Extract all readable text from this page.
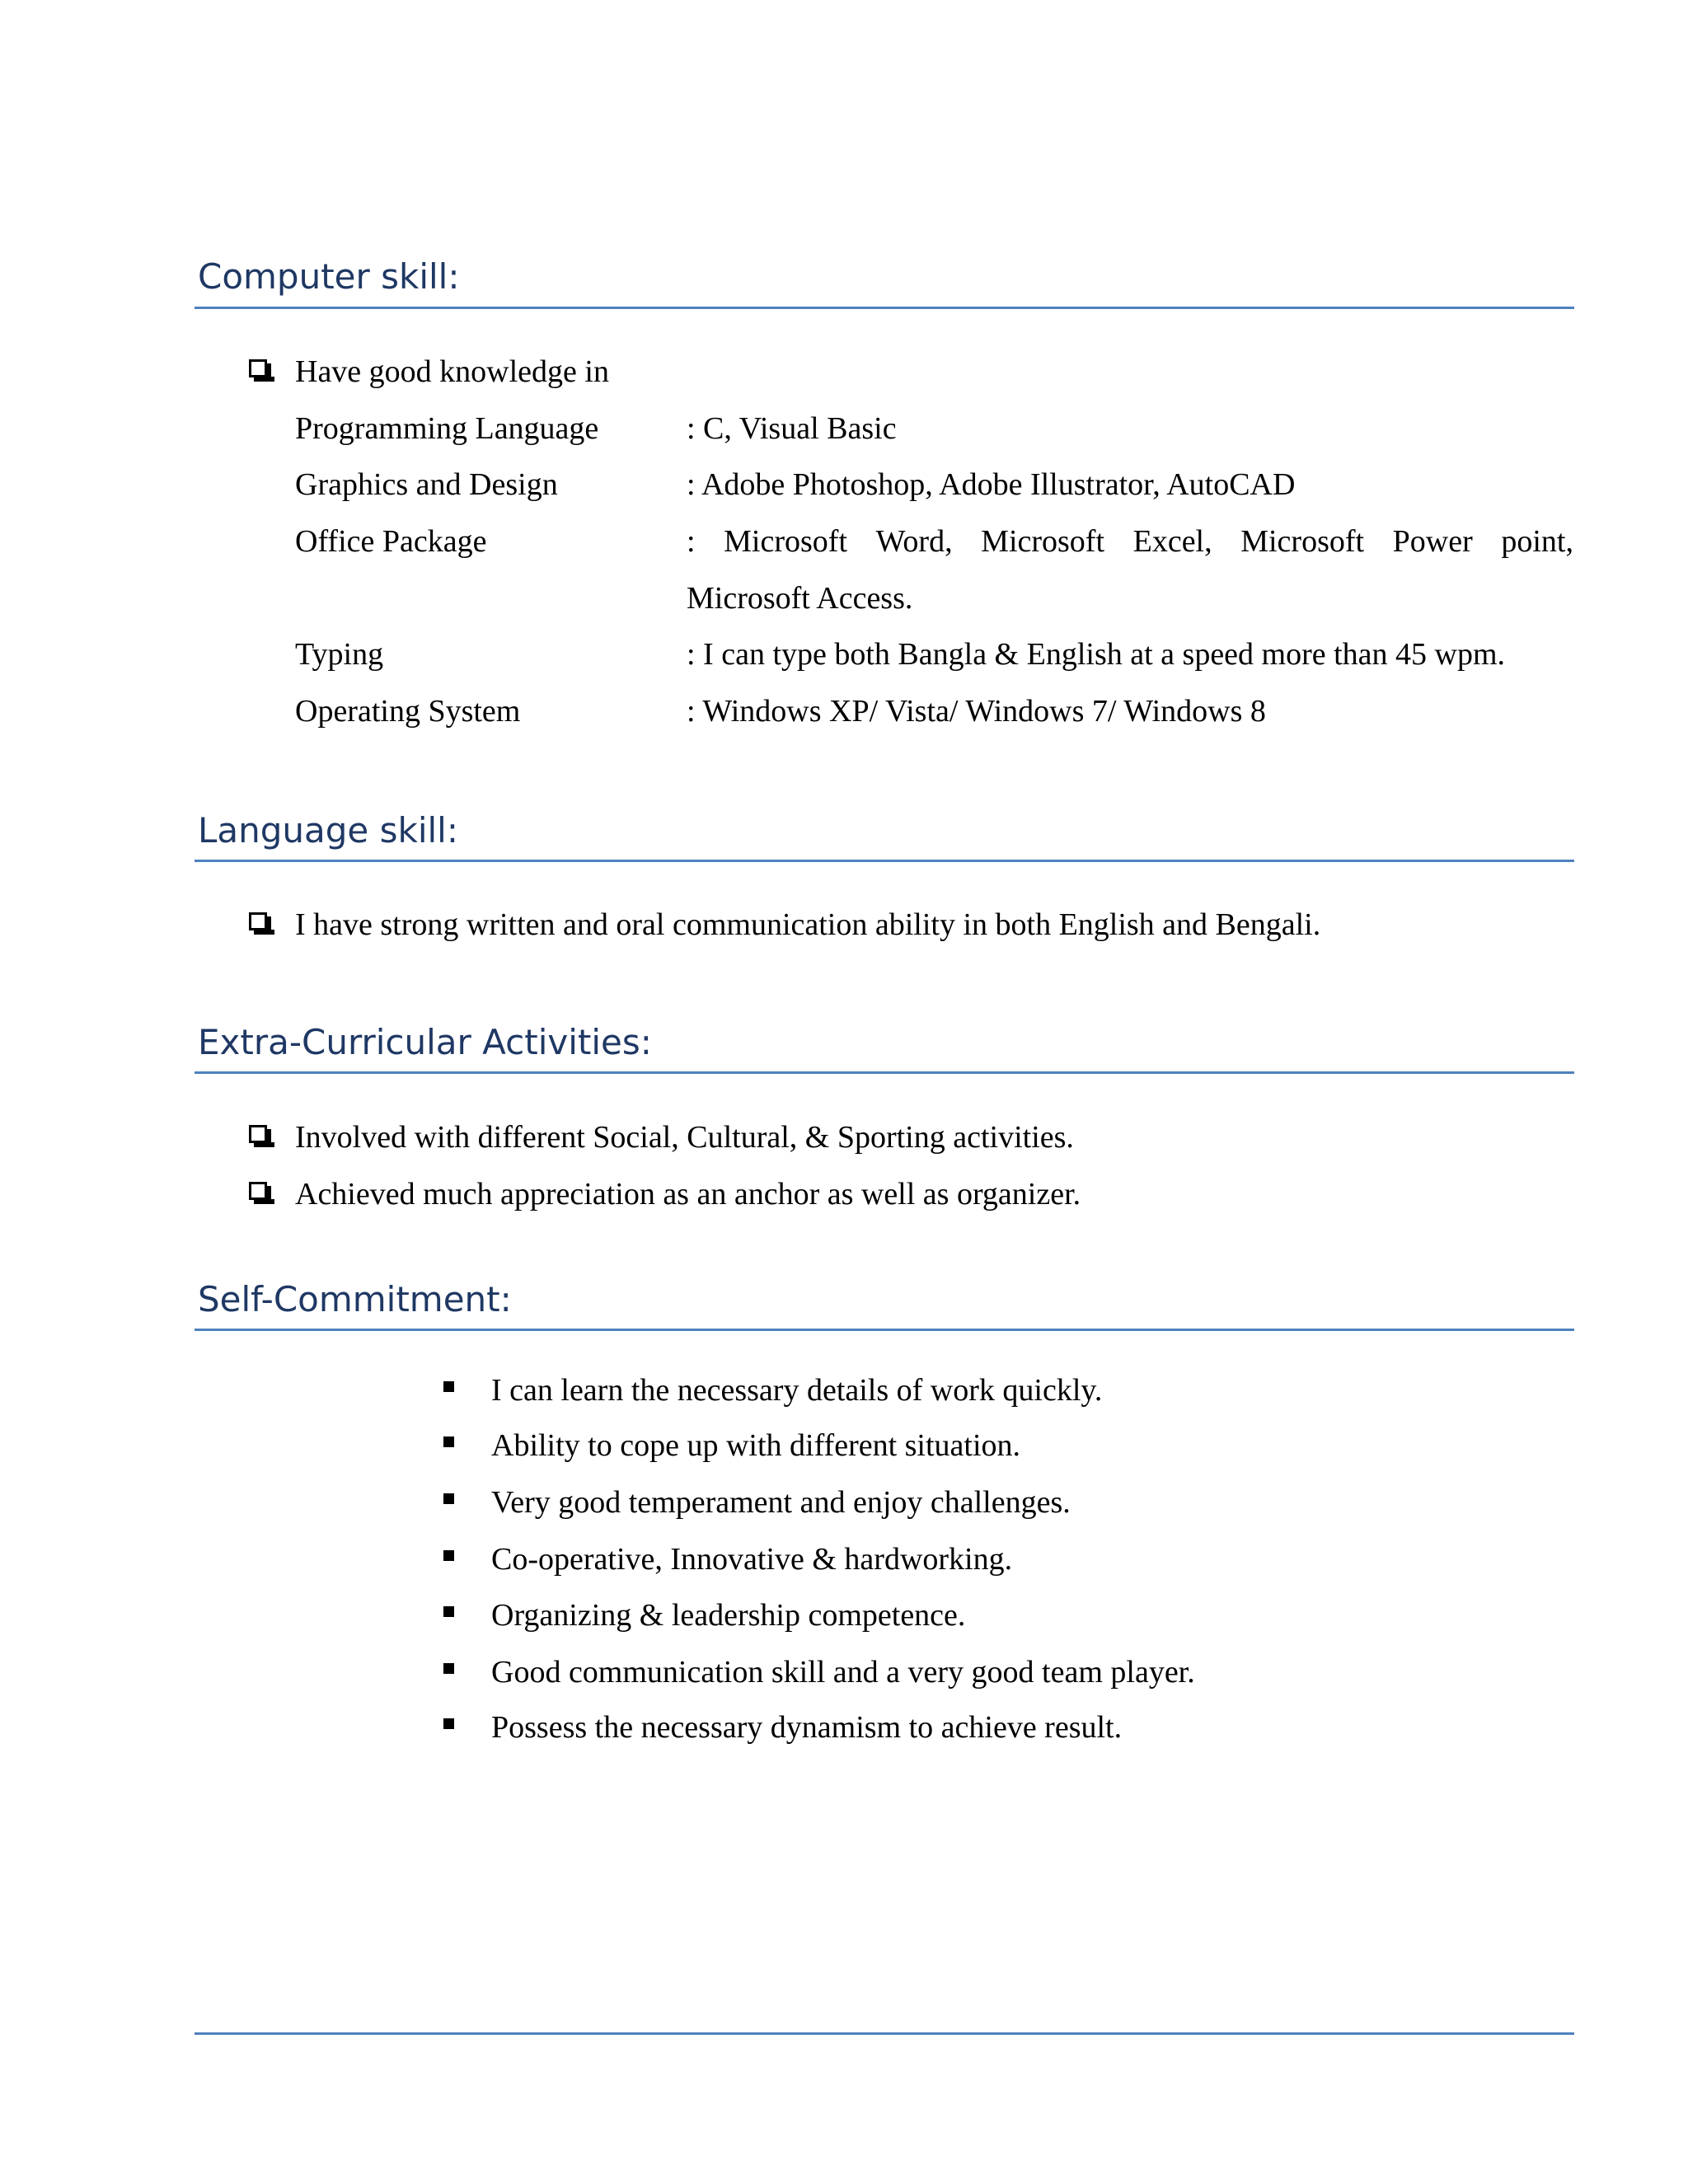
Computer skill:
Have good knowledge in
Programming Language	: C, Visual Basic
Graphics and Design	: Adobe Photoshop, Adobe Illustrator, AutoCAD
Office Package	: Microsoft Word, Microsoft Excel, Microsoft Power point,
Microsoft Access.
Typing	: I can type both Bangla & English at a speed more than 45 wpm.
Operating System	: Windows XP/ Vista/ Windows 7/ Windows 8
Language skill:
I have strong written and oral communication ability in both English and Bengali.
Extra-Curricular Activities:
Involved with different Social, Cultural, & Sporting activities.
Achieved much appreciation as an anchor as well as organizer.
Self-Commitment:
I can learn the necessary details of work quickly.
Ability to cope up with different situation.
Very good temperament and enjoy challenges.
Co-operative, Innovative & hardworking.
Organizing & leadership competence.
Good communication skill and a very good team player.
Possess the necessary dynamism to achieve result.
